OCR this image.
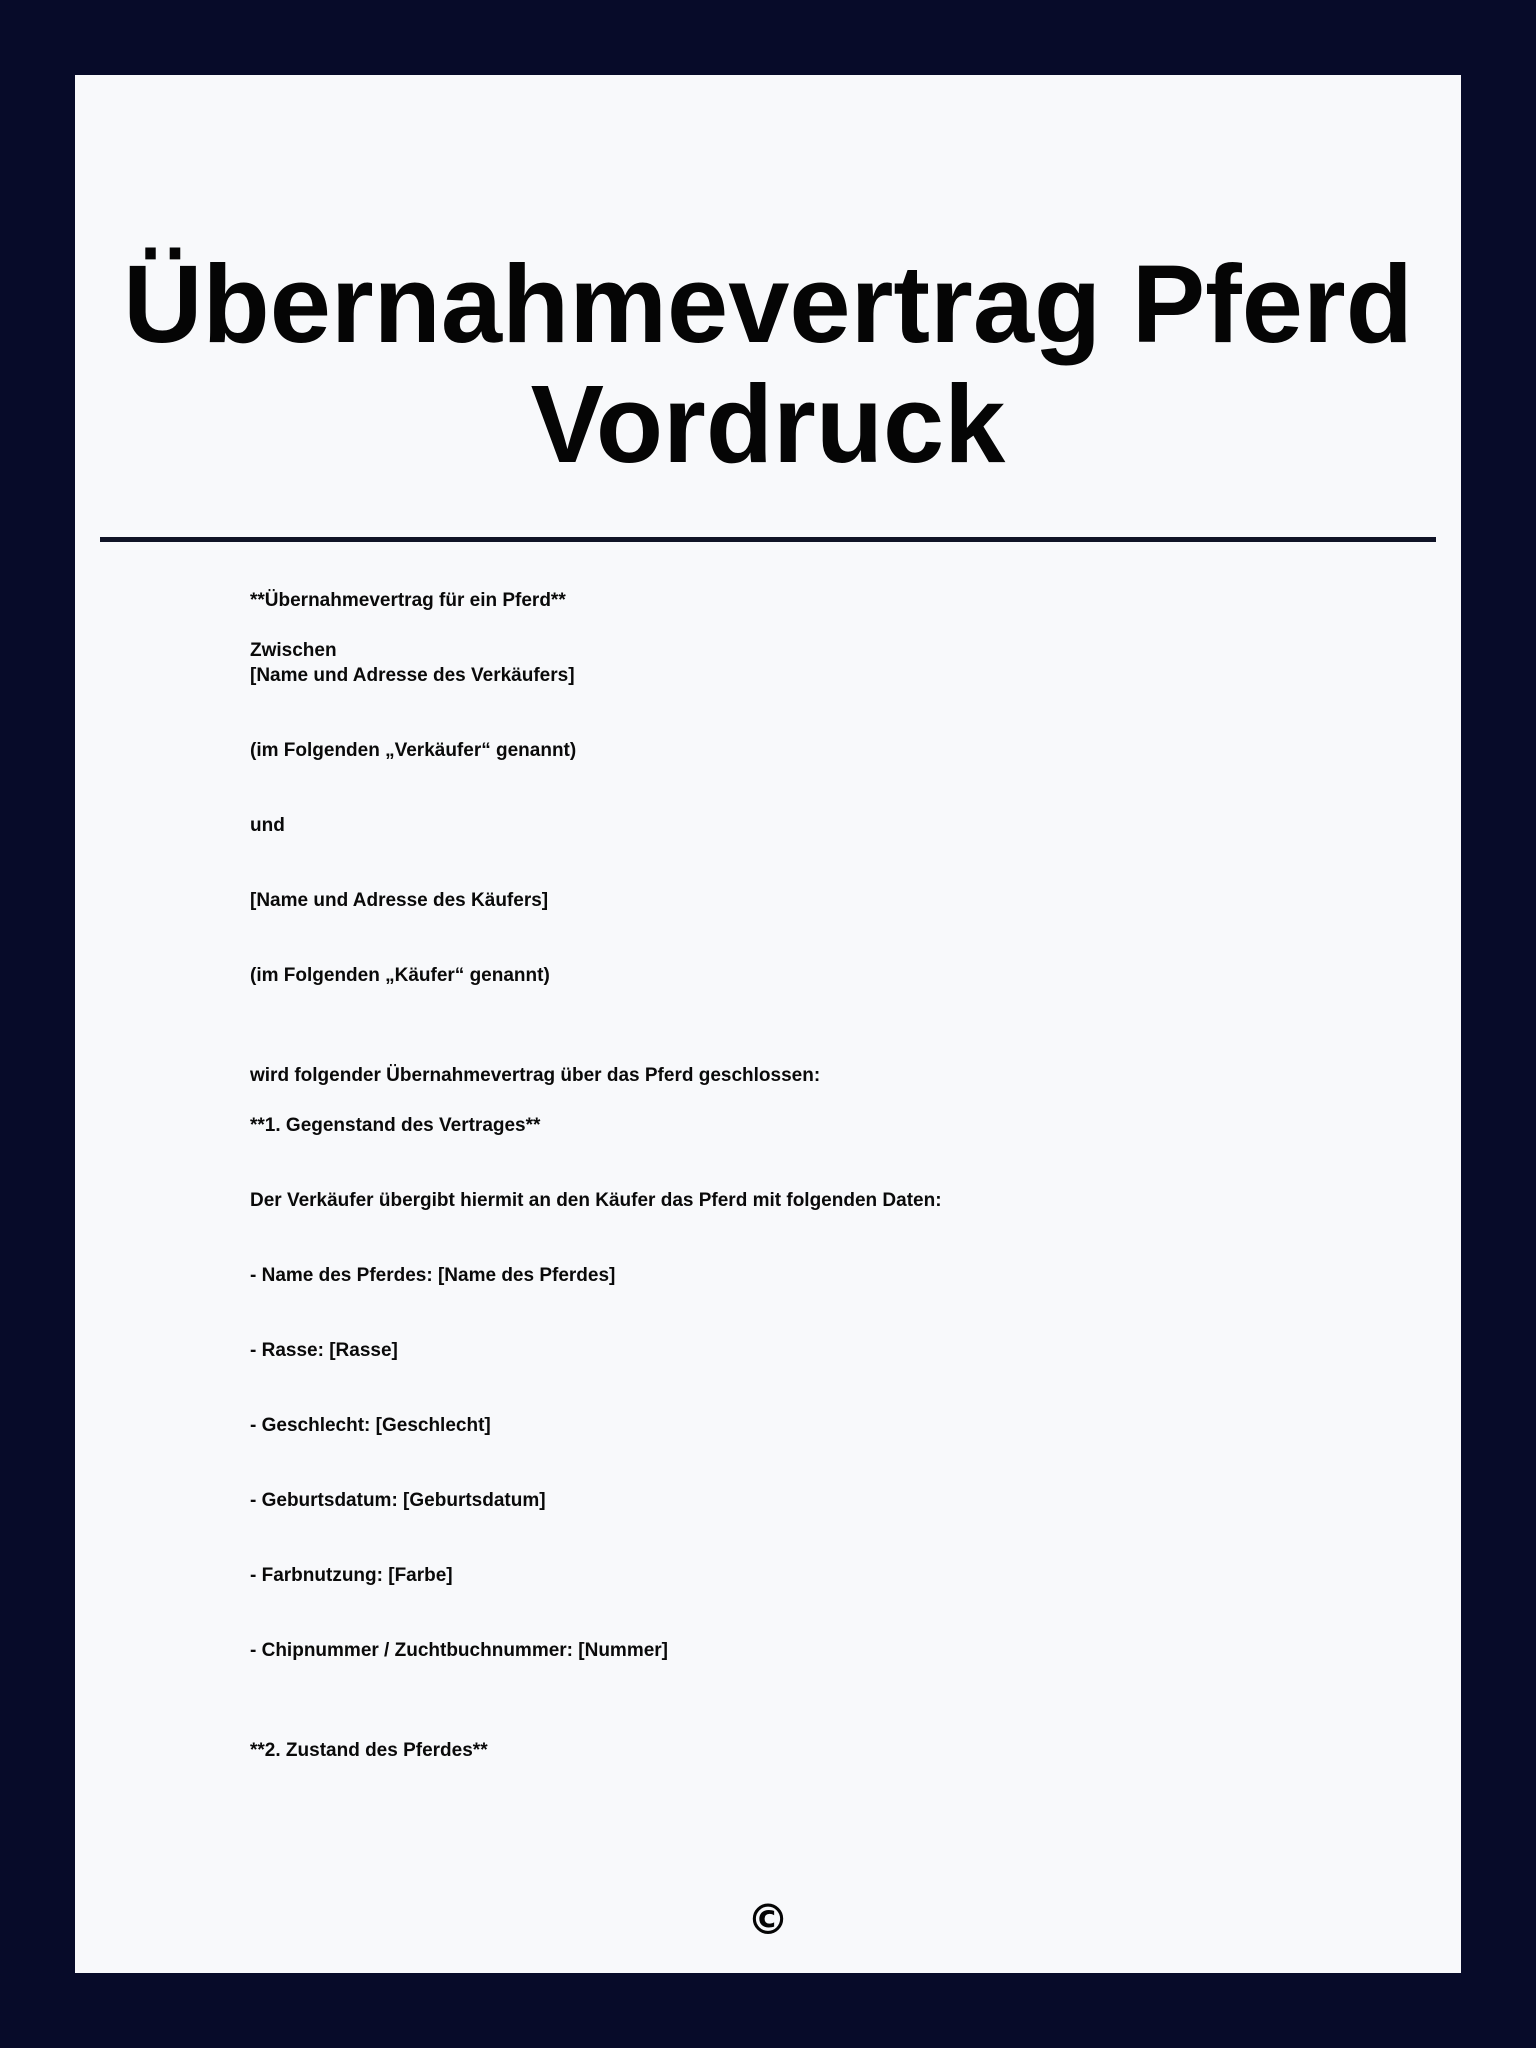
Übernahmevertrag Pferd Vordruck
**Übernahmevertrag für ein Pferd**
Zwischen
[Name und Adresse des Verkäufers]
(im Folgenden „Verkäufer“ genannt)
und
[Name und Adresse des Käufers]
(im Folgenden „Käufer“ genannt)
wird folgender Übernahmevertrag über das Pferd geschlossen:
**1. Gegenstand des Vertrages**
Der Verkäufer übergibt hiermit an den Käufer das Pferd mit folgenden Daten:
- Name des Pferdes: [Name des Pferdes]
- Rasse: [Rasse]
- Geschlecht: [Geschlecht]
- Geburtsdatum: [Geburtsdatum]
- Farbnutzung: [Farbe]
- Chipnummer / Zuchtbuchnummer: [Nummer]
**2. Zustand des Pferdes**
©
